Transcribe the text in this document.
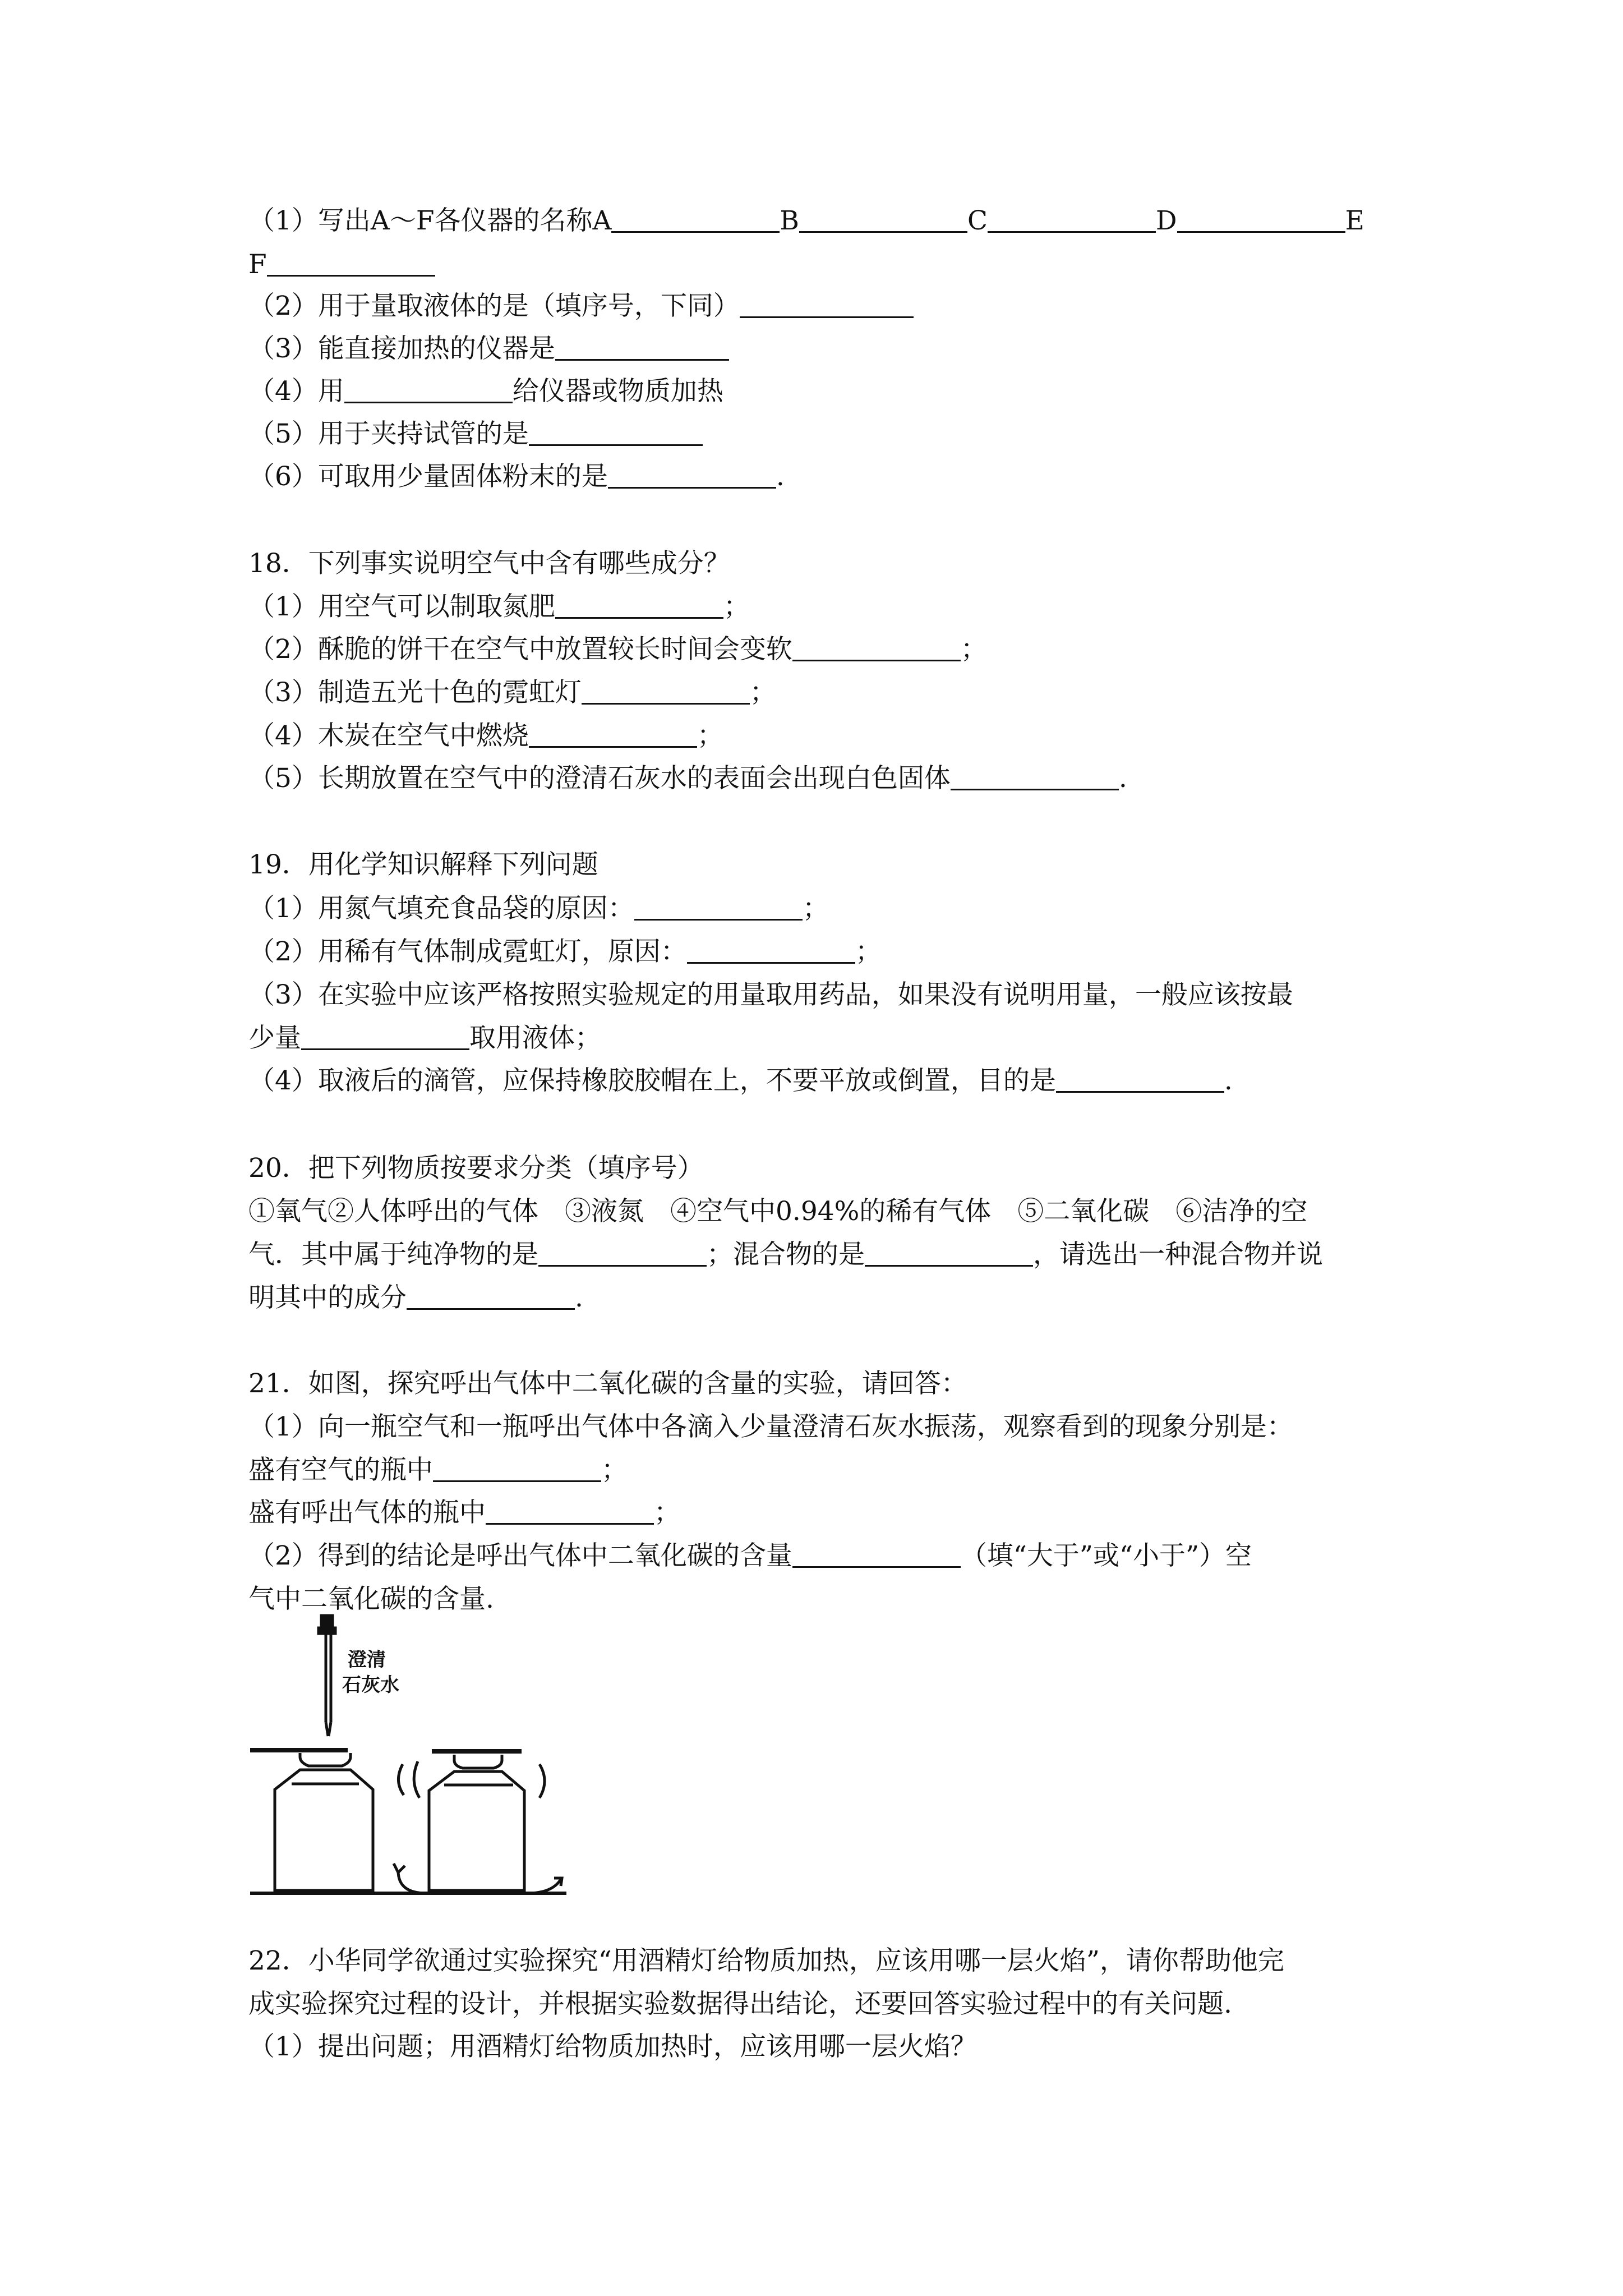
（1）写出A～F各仪器的名称A	B	C	D	E
F
（2）用于量取液体的是（填序号，下同）
（3）能直接加热的仪器是
（4）用	给仪器或物质加热
（5）用于夹持试管的是
（6）可取用少量固体粉末的是	.
18．下列事实说明空气中含有哪些成分？
（1）用空气可以制取氮肥	；
（2）酥脆的饼干在空气中放置较长时间会变软	；
（3）制造五光十色的霓虹灯	；
（4）木炭在空气中燃烧	；
（5）长期放置在空气中的澄清石灰水的表面会出现白色固体	.
19．用化学知识解释下列问题
（1）用氮气填充食品袋的原因：	；
（2）用稀有气体制成霓虹灯，原因：	；
（3）在实验中应该严格按照实验规定的用量取用药品，如果没有说明用量，一般应该按最
少量	取用液体；
（4）取液后的滴管，应保持橡胶胶帽在上，不要平放或倒置，目的是	.
20．把下列物质按要求分类（填序号）
①氧气②人体呼出的气体　③液氮　④空气中0.94%的稀有气体　⑤二氧化碳　⑥洁净的空
气．其中属于纯净物的是	；混合物的是	，请选出一种混合物并说
明其中的成分	.
21．如图，探究呼出气体中二氧化碳的含量的实验，请回答：
（1）向一瓶空气和一瓶呼出气体中各滴入少量澄清石灰水振荡，观察看到的现象分别是：
盛有空气的瓶中	；
盛有呼出气体的瓶中	；
（2）得到的结论是呼出气体中二氧化碳的含量	（填“大于”或“小于”）空
气中二氧化碳的含量.
澄清
石灰水
22．小华同学欲通过实验探究“用酒精灯给物质加热，应该用哪一层火焰”，请你帮助他完
成实验探究过程的设计，并根据实验数据得出结论，还要回答实验过程中的有关问题.
（1）提出问题；用酒精灯给物质加热时，应该用哪一层火焰？
